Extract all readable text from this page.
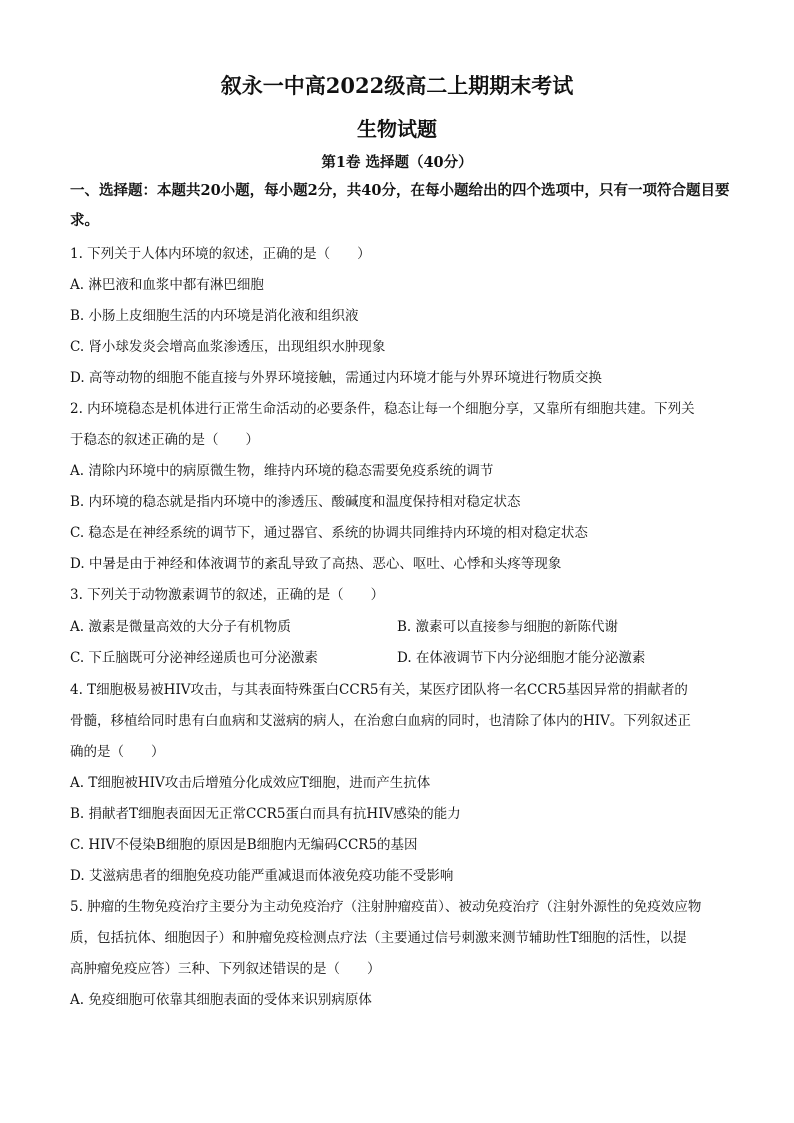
叙永一中高2022级高二上期期末考试
生物试题
第1卷 选择题（40分）
一、选择题：本题共20小题，每小题2分，共40分，在每小题给出的四个选项中，只有一项符合题目要求。
1. 下列关于人体内环境的叙述，正确的是（　　）
A. 淋巴液和血浆中都有淋巴细胞
B. 小肠上皮细胞生活的内环境是消化液和组织液
C. 肾小球发炎会增高血浆渗透压，出现组织水肿现象
D. 高等动物的细胞不能直接与外界环境接触，需通过内环境才能与外界环境进行物质交换
2. 内环境稳态是机体进行正常生命活动的必要条件，稳态让每一个细胞分享，又靠所有细胞共建。下列关
于稳态的叙述正确的是（　　）
A. 清除内环境中的病原微生物，维持内环境的稳态需要免疫系统的调节
B. 内环境的稳态就是指内环境中的渗透压、酸碱度和温度保持相对稳定状态
C. 稳态是在神经系统的调节下，通过器官、系统的协调共同维持内环境的相对稳定状态
D. 中暑是由于神经和体液调节的紊乱导致了高热、恶心、呕吐、心悸和头疼等现象
3. 下列关于动物激素调节的叙述，正确的是（　　）
A. 激素是微量高效的大分子有机物质	B. 激素可以直接参与细胞的新陈代谢
C. 下丘脑既可分泌神经递质也可分泌激素	D. 在体液调节下内分泌细胞才能分泌激素
4. T细胞极易被HIV攻击，与其表面特殊蛋白CCR5有关，某医疗团队将一名CCR5基因异常的捐献者的
骨髓，移植给同时患有白血病和艾滋病的病人，在治愈白血病的同时，也清除了体内的HIV。下列叙述正
确的是（　　）
A. T细胞被HIV攻击后增殖分化成效应T细胞，进而产生抗体
B. 捐献者T细胞表面因无正常CCR5蛋白而具有抗HIV感染的能力
C. HIV不侵染B细胞的原因是B细胞内无编码CCR5的基因
D. 艾滋病患者的细胞免疫功能严重减退而体液免疫功能不受影响
5. 肿瘤的生物免疫治疗主要分为主动免疫治疗（注射肿瘤疫苗）、被动免疫治疗（注射外源性的免疫效应物
质，包括抗体、细胞因子）和肿瘤免疫检测点疗法（主要通过信号刺激来测节辅助性T细胞的活性，以提
高肿瘤免疫应答）三种、下列叙述错误的是（　　）
A. 免疫细胞可依靠其细胞表面的受体来识别病原体
